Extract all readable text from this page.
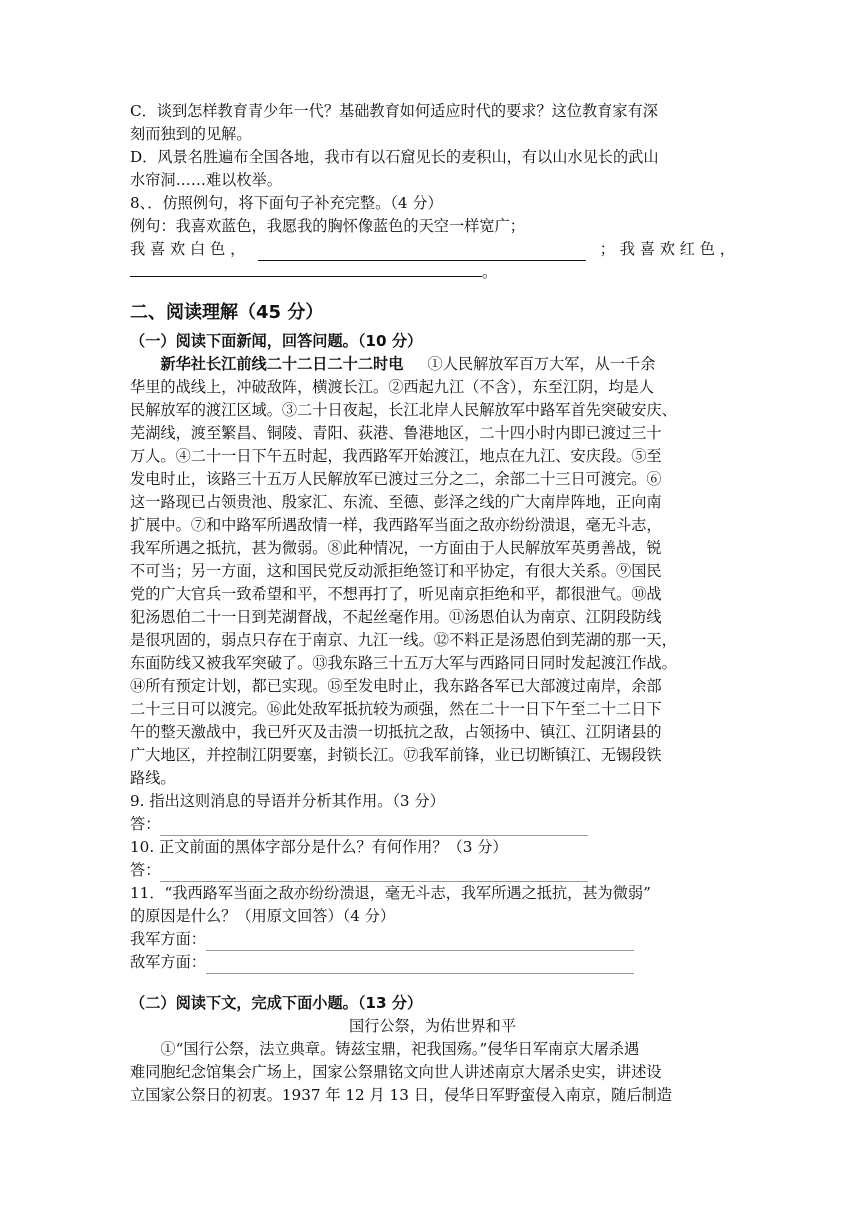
C．谈到怎样教育青少年一代？基础教育如何适应时代的要求？这位教育家有深
刻而独到的见解。
D．风景名胜遍布全国各地，我市有以石窟见长的麦积山，有以山水见长的武山
水帘洞……难以枚举。
8、．仿照例句，将下面句子补充完整。（4 分）
例句：我喜欢蓝色，我愿我的胸怀像蓝色的天空一样宽广；
我 喜 欢 白 色 ，	； 我 喜 欢 红 色 ，
。
二、阅读理解（45 分）
（一）阅读下面新闻，回答问题。（10 分）
新华社长江前线二十二日二十二时电 ①人民解放军百万大军，从一千余
华里的战线上，冲破敌阵，横渡长江。②西起九江（不含），东至江阴，均是人
民解放军的渡江区域。③二十日夜起，长江北岸人民解放军中路军首先突破安庆、
芜湖线，渡至繁昌、铜陵、青阳、荻港、鲁港地区，二十四小时内即已渡过三十
万人。④二十一日下午五时起，我西路军开始渡江，地点在九江、安庆段。⑤至
发电时止，该路三十五万人民解放军已渡过三分之二，余部二十三日可渡完。⑥
这一路现已占领贵池、殷家汇、东流、至德、彭泽之线的广大南岸阵地，正向南
扩展中。⑦和中路军所遇敌情一样，我西路军当面之敌亦纷纷溃退，毫无斗志，
我军所遇之抵抗，甚为微弱。⑧此种情况，一方面由于人民解放军英勇善战，锐
不可当；另一方面，这和国民党反动派拒绝签订和平协定，有很大关系。⑨国民
党的广大官兵一致希望和平，不想再打了，听见南京拒绝和平，都很泄气。⑩战
犯汤恩伯二十一日到芜湖督战，不起丝毫作用。⑪汤恩伯认为南京、江阴段防线
是很巩固的，弱点只存在于南京、九江一线。⑫不料正是汤恩伯到芜湖的那一天，
东面防线又被我军突破了。⑬我东路三十五万大军与西路同日同时发起渡江作战。
⑭所有预定计划，都已实现。⑮至发电时止，我东路各军已大部渡过南岸，余部
二十三日可以渡完。⑯此处敌军抵抗较为顽强，然在二十一日下午至二十二日下
午的整天激战中，我已歼灭及击溃一切抵抗之敌，占领扬中、镇江、江阴诸县的
广大地区，并控制江阴要塞，封锁长江。⑰我军前锋，业已切断镇江、无锡段铁
路线。
9. 指出这则消息的导语并分析其作用。（3 分）
答：
10. 正文前面的黑体字部分是什么？有何作用？（3 分）
答：
11．“我西路军当面之敌亦纷纷溃退，毫无斗志，我军所遇之抵抗，甚为微弱”
的原因是什么？（用原文回答）（4 分）
我军方面：
敌军方面：
（二）阅读下文，完成下面小题。（13 分）
国行公祭，为佑世界和平
①“国行公祭，法立典章。铸兹宝鼎，祀我国殇。”侵华日军南京大屠杀遇
难同胞纪念馆集会广场上，国家公祭鼎铭文向世人讲述南京大屠杀史实，讲述设
立国家公祭日的初衷。1937 年 12 月 13 日，侵华日军野蛮侵入南京，随后制造
